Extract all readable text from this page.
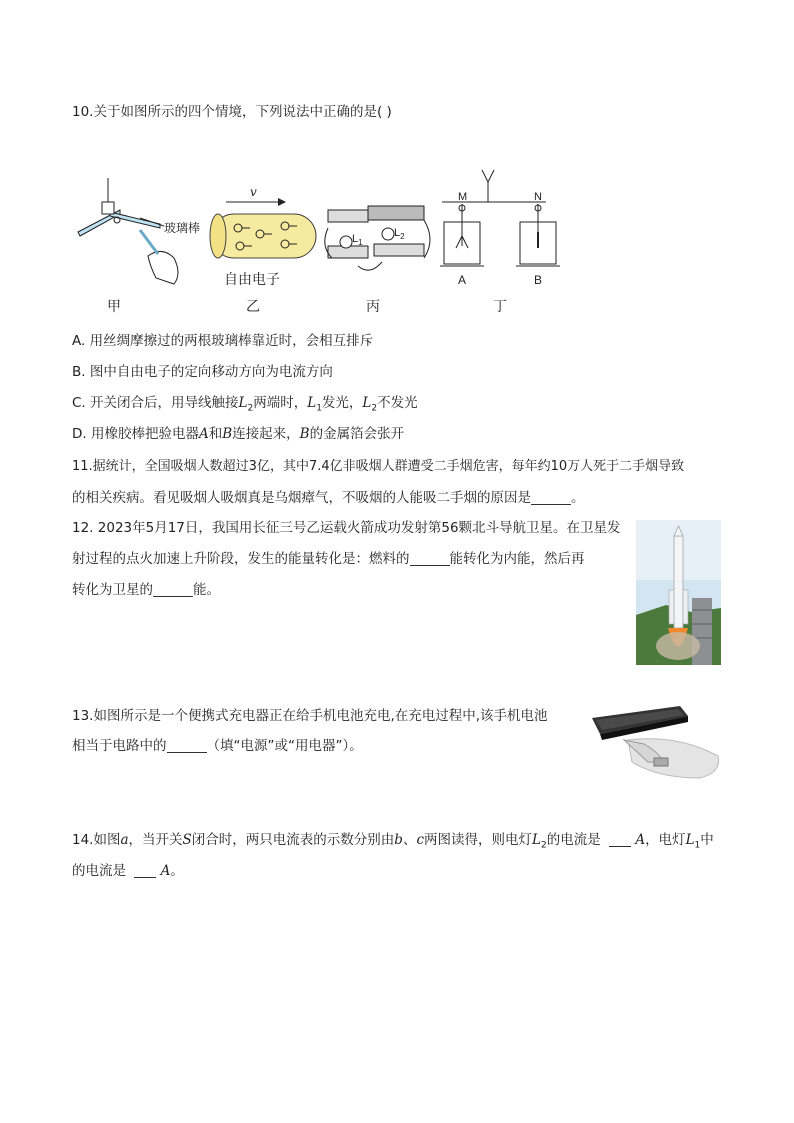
10.关于如图所示的四个情境，下列说法中正确的是( )
玻璃棒
v
自由电子
$L_1$
$L_2$
M	N
A	B
甲	乙	丙	丁
A. 用丝绸摩擦过的两根玻璃棒靠近时，会相互排斥
B. 图中自由电子的定向移动方向为电流方向
C. 开关闭合后，用导线触接$L_2$两端时，$L_1$发光，$L_2$不发光
D. 用橡胶棒把验电器A和B连接起来，B的金属箔会张开
11.据统计，全国吸烟人数超过3亿，其中7.4亿非吸烟人群遭受二手烟危害，每年约10万人死于二手烟导致
的相关疾病。看见吸烟人吸烟真是乌烟瘴气，不吸烟的人能吸二手烟的原因是	。
12. 2023年5月17日，我国用长征三号乙运载火箭成功发射第56颗北斗导航卫星。在卫星发
射过程的点火加速上升阶段，发生的能量转化是：燃料的	能转化为内能，然后再
转化为卫星的	能。
13.如图所示是一个便携式充电器正在给手机电池充电,在充电过程中,该手机电池
相当于电路中的	（填“电源”或“用电器”）。
14.如图a，当开关S闭合时，两只电流表的示数分别由b、c两图读得，则电灯$L_2$的电流是	A，电灯$L_1$中
的电流是	A。
